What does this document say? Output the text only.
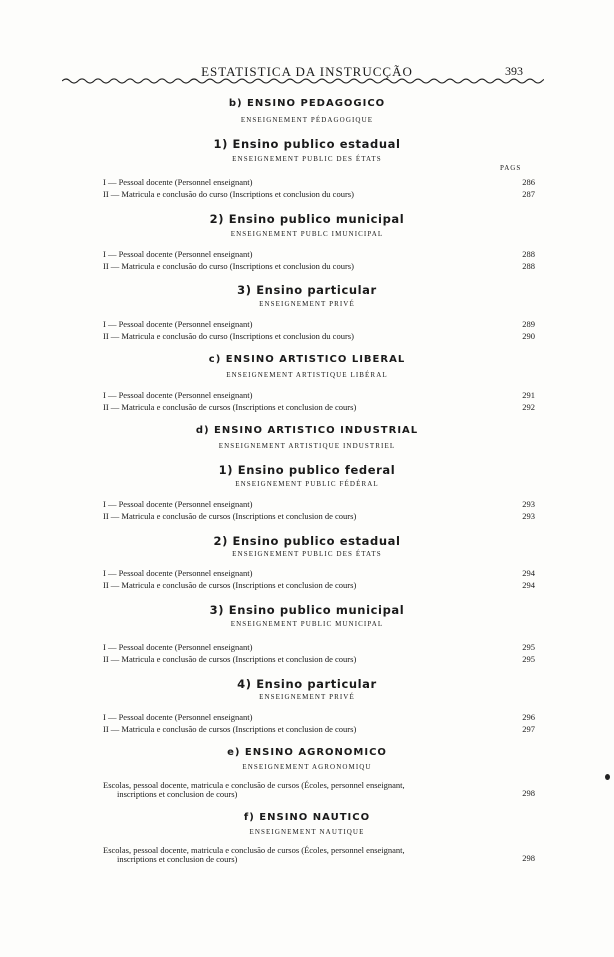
ESTATISTICA DA INSTRUCÇÃO	393
b) ENSINO PEDAGOGICO
ENSEIGNEMENT PÉDAGOGIQUE
1) Ensino publico estadual
ENSEIGNEMENT PUBLIC DES ÉTATS
PAGS
I — Pessoal docente (Personnel enseignant)	286
II — Matricula e conclusão do curso (Inscriptions et conclusion du cours)	287
2) Ensino publico municipal
ENSEIGNEMENT PUBLC IMUNICIPAL
I — Pessoal docente (Personnel enseignant)	288
II — Matricula e conclusão do curso (Inscriptions et conclusion du cours)	288
3) Ensino particular
ENSEIGNEMENT PRIVÉ
I — Pessoal docente (Personnel enseignant)	289
II — Matricula e conclusão do curso (Inscriptions et conclusion du cours)	290
c) ENSINO ARTISTICO LIBERAL
ENSEIGNEMENT ARTISTIQUE LIBÉRAL
I — Pessoal docente (Personnel enseignant)	291
II — Matricula e conclusão de cursos (Inscriptions et conclusion de cours)	292
d) ENSINO ARTISTICO INDUSTRIAL
ENSEIGNEMENT ARTISTIQUE INDUSTRIEL
1) Ensino publico federal
ENSEIGNEMENT PUBLIC FÉDÉRAL
I — Pessoal docente (Personnel enseignant)	293
II — Matricula e conclusão de cursos (Inscriptions et conclusion de cours)	293
2) Ensino publico estadual
ENSEIGNEMENT PUBLIC DES ÉTATS
I — Pessoal docente (Personnel enseignant)	294
II — Matricula e conclusão de cursos (Inscriptions et conclusion de cours)	294
3) Ensino publico municipal
ENSEIGNEMENT PUBLIC MUNICIPAL
I — Pessoal docente (Personnel enseignant)	295
II — Matricula e conclusão de cursos (Inscriptions et conclusion de cours)	295
4) Ensino particular
ENSEIGNEMENT PRIVÉ
I — Pessoal docente (Personnel enseignant)	296
II — Matricula e conclusão de cursos (Inscriptions et conclusion de cours)	297
e) ENSINO AGRONOMICO
ENSEIGNEMENT AGRONOMIQU
Escolas, pessoal docente, matricula e conclusão de cursos (Écoles, personnel enseignant,
inscriptions et conclusion de cours)	298
f) ENSINO NAUTICO
ENSEIGNEMENT NAUTIQUE
Escolas, pessoal docente, matricula e conclusão de cursos (Écoles, personnel enseignant,
inscriptions et conclusion de cours)	298
